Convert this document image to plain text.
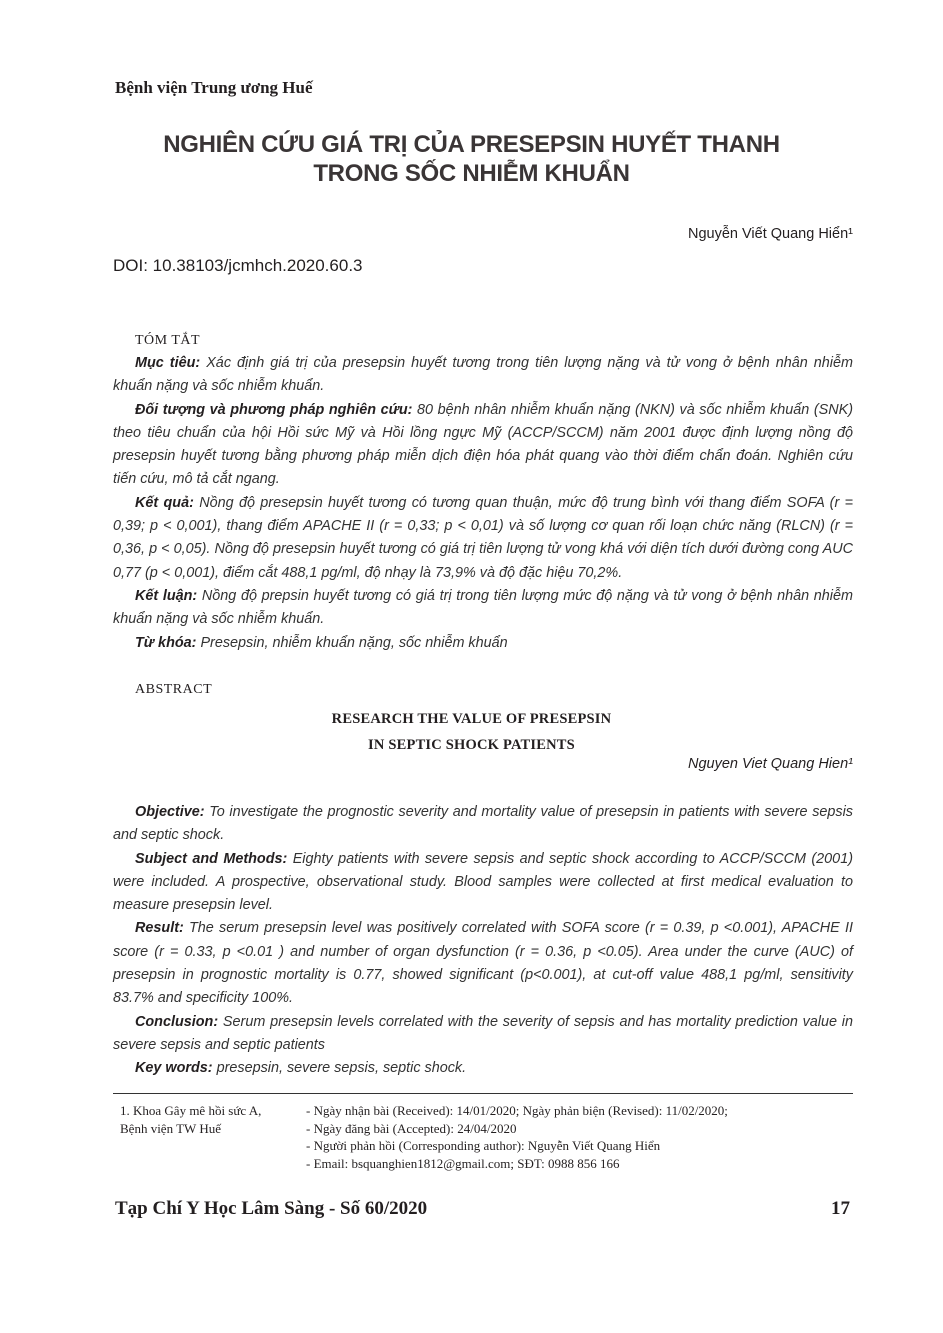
Bệnh viện Trung ương Huế
NGHIÊN CỨU GIÁ TRỊ CỦA PRESEPSIN HUYẾT THANH
TRONG SỐC NHIỄM KHUẨN
Nguyễn Viết Quang Hiển¹
DOI: 10.38103/jcmhch.2020.60.3
TÓM TẮT

Mục tiêu: Xác định giá trị của presepsin huyết tương trong tiên lượng nặng và tử vong ở bệnh nhân nhiễm khuẩn nặng và sốc nhiễm khuẩn.

Đối tượng và phương pháp nghiên cứu: 80 bệnh nhân nhiễm khuẩn nặng (NKN) và sốc nhiễm khuẩn (SNK) theo tiêu chuẩn của hội Hồi sức Mỹ và Hồi lồng ngực Mỹ (ACCP/SCCM) năm 2001 được định lượng nồng độ presepsin huyết tương bằng phương pháp miễn dịch điện hóa phát quang vào thời điểm chẩn đoán. Nghiên cứu tiến cứu, mô tả cắt ngang.

Kết quả: Nồng độ presepsin huyết tương có tương quan thuận, mức độ trung bình với thang điểm SOFA (r = 0,39; p < 0,001), thang điểm APACHE II (r = 0,33; p < 0,01) và số lượng cơ quan rối loạn chức năng (RLCN) (r = 0,36, p < 0,05). Nồng độ presepsin huyết tương có giá trị tiên lượng tử vong khá với diện tích dưới đường cong AUC 0,77 (p < 0,001), điểm cắt 488,1 pg/ml, độ nhạy là 73,9% và độ đặc hiệu 70,2%.

Kết luận: Nồng độ prepsin huyết tương có giá trị trong tiên lượng mức độ nặng và tử vong ở bệnh nhân nhiễm khuẩn nặng và sốc nhiễm khuẩn.

Từ khóa: Presepsin, nhiễm khuẩn nặng, sốc nhiễm khuẩn

ABSTRACT
RESEARCH THE VALUE OF PRESEPSIN
IN SEPTIC SHOCK PATIENTS
Nguyen Viet Quang Hien¹

Objective: To investigate the prognostic severity and mortality value of presepsin in patients with severe sepsis and septic shock.

Subject and Methods: Eighty patients with severe sepsis and septic shock according to ACCP/SCCM (2001) were included. A prospective, observational study. Blood samples were collected at first medical evaluation to measure presepsin level.

Result: The serum presepsin level was positively correlated with SOFA score (r = 0.39, p <0.001), APACHE II score (r = 0.33, p <0.01 ) and number of organ dysfunction (r = 0.36, p <0.05). Area under the curve (AUC) of presepsin in prognostic mortality is 0.77, showed significant (p<0.001), at cut-off value 488,1 pg/ml, sensitivity 83.7% and specificity 100%.

Conclusion: Serum presepsin levels correlated with the severity of sepsis and has mortality prediction value in severe sepsis and septic patients

Key words: presepsin, severe sepsis, septic shock.

1. Khoa Gây mê hồi sức A,
Bệnh viện TW Huế
- Ngày nhận bài (Received): 14/01/2020; Ngày phản biện (Revised): 11/02/2020;
- Ngày đăng bài (Accepted): 24/04/2020
- Người phản hồi (Corresponding author): Nguyễn Viết Quang Hiển
- Email: bsquanghien1812@gmail.com; SĐT: 0988 856 166
Tạp Chí Y Học Lâm Sàng - Số 60/2020	17
